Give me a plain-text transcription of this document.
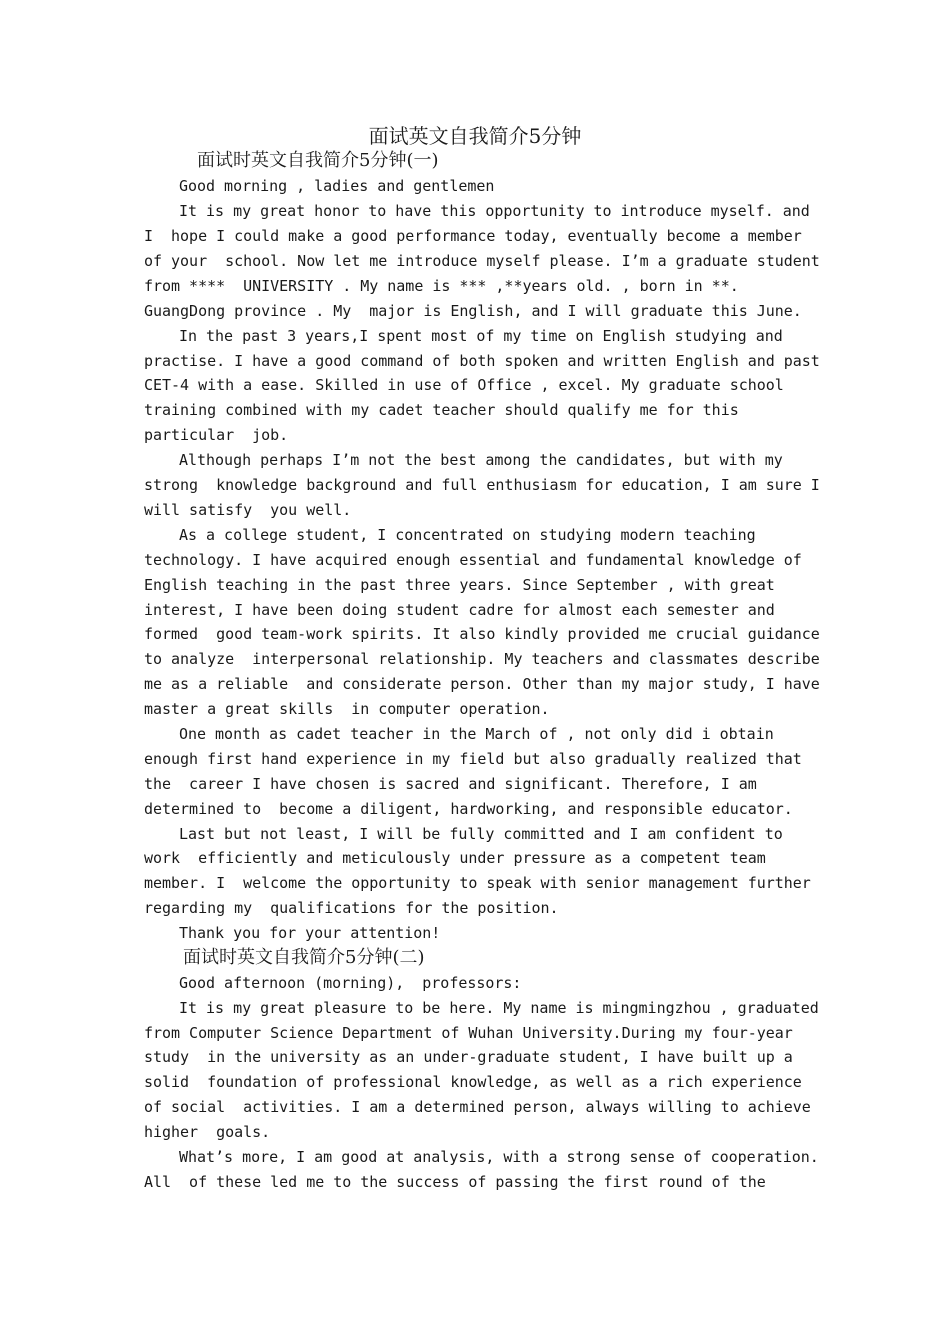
面试英文自我简介5分钟
面试时英文自我简介5分钟(一)
Good morning , ladies and gentlemen
It is my great honor to have this opportunity to introduce myself. and
I  hope I could make a good performance today, eventually become a member
of your  school. Now let me introduce myself please. I’m a graduate student
from ****  UNIVERSITY . My name is *** ,**years old. , born in **.
GuangDong province . My  major is English, and I will graduate this June.
In the past 3 years,I spent most of my time on English studying and
practise. I have a good command of both spoken and written English and past
CET-4 with a ease. Skilled in use of Office , excel. My graduate school
training combined with my cadet teacher should qualify me for this
particular  job.
Although perhaps I’m not the best among the candidates, but with my
strong  knowledge background and full enthusiasm for education, I am sure I
will satisfy  you well.
As a college student, I concentrated on studying modern teaching
technology. I have acquired enough essential and fundamental knowledge of
English teaching in the past three years. Since September , with great
interest, I have been doing student cadre for almost each semester and
formed  good team-work spirits. It also kindly provided me crucial guidance
to analyze  interpersonal relationship. My teachers and classmates describe
me as a reliable  and considerate person. Other than my major study, I have
master a great skills  in computer operation.
One month as cadet teacher in the March of , not only did i obtain
enough first hand experience in my field but also gradually realized that
the  career I have chosen is sacred and significant. Therefore, I am
determined to  become a diligent, hardworking, and responsible educator.
Last but not least, I will be fully committed and I am confident to
work  efficiently and meticulously under pressure as a competent team
member. I  welcome the opportunity to speak with senior management further
regarding my  qualifications for the position.
Thank you for your attention!
面试时英文自我简介5分钟(二)
Good afternoon (morning),  professors:
It is my great pleasure to be here. My name is mingmingzhou , graduated
from Computer Science Department of Wuhan University.During my four-year
study  in the university as an under-graduate student, I have built up a
solid  foundation of professional knowledge, as well as a rich experience
of social  activities. I am a determined person, always willing to achieve
higher  goals.
What’s more, I am good at analysis, with a strong sense of cooperation.
All  of these led me to the success of passing the first round of the
